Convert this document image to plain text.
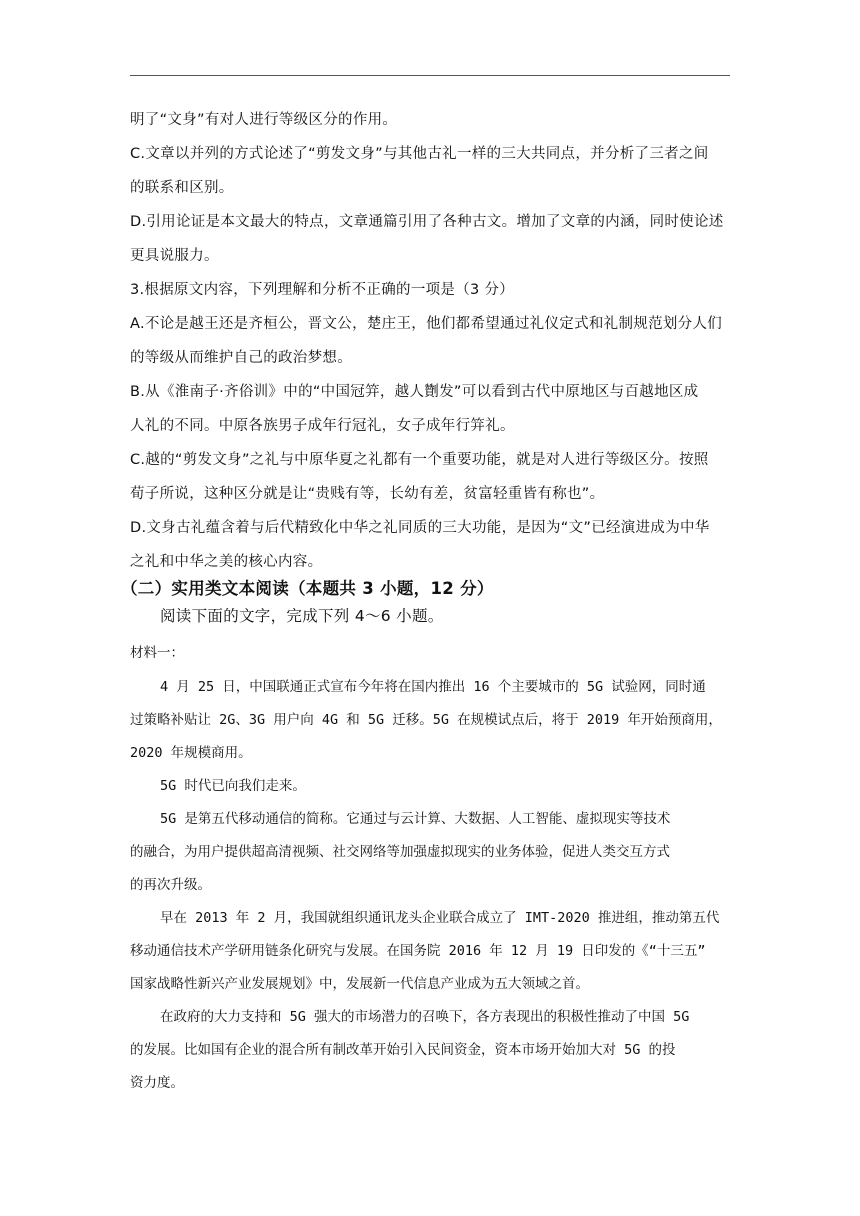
明了“文身”有对人进行等级区分的作用。
C.文章以并列的方式论述了“剪发文身”与其他古礼一样的三大共同点，并分析了三者之间
的联系和区别。
D.引用论证是本文最大的特点，文章通篇引用了各种古文。增加了文章的内涵，同时使论述
更具说服力。
3.根据原文内容，下列理解和分析不正确的一项是（3 分）
A.不论是越王还是齐桓公，晋文公，楚庄王，他们都希望通过礼仪定式和礼制规范划分人们
的等级从而维护自己的政治梦想。
B.从《淮南子·齐俗训》中的“中国冠笄，越人劗发”可以看到古代中原地区与百越地区成
人礼的不同。中原各族男子成年行冠礼，女子成年行笄礼。
C.越的“剪发文身”之礼与中原华夏之礼都有一个重要功能，就是对人进行等级区分。按照
荀子所说，这种区分就是让“贵贱有等，长幼有差，贫富轻重皆有称也”。
D.文身古礼蕴含着与后代精致化中华之礼同质的三大功能，是因为“文”已经演进成为中华
之礼和中华之美的核心内容。
（二）实用类文本阅读（本题共 3 小题，12 分）
阅读下面的文字，完成下列 4～6 小题。
材料一：
4 月 25 日，中国联通正式宣布今年将在国内推出 16 个主要城市的 5G 试验网，同时通
过策略补贴让 2G、3G 用户向 4G 和 5G 迁移。5G 在规模试点后，将于 2019 年开始预商用，
2020 年规模商用。
5G 时代已向我们走来。
5G 是第五代移动通信的简称。它通过与云计算、大数据、人工智能、虚拟现实等技术
的融合，为用户提供超高清视频、社交网络等加强虚拟现实的业务体验，促进人类交互方式
的再次升级。
早在 2013 年 2 月，我国就组织通讯龙头企业联合成立了 IMT-2020 推进组，推动第五代
移动通信技术产学研用链条化研究与发展。在国务院 2016 年 12 月 19 日印发的《“十三五”
国家战略性新兴产业发展规划》中，发展新一代信息产业成为五大领域之首。
在政府的大力支持和 5G 强大的市场潜力的召唤下，各方表现出的积极性推动了中国 5G
的发展。比如国有企业的混合所有制改革开始引入民间资金，资本市场开始加大对 5G 的投
资力度。
